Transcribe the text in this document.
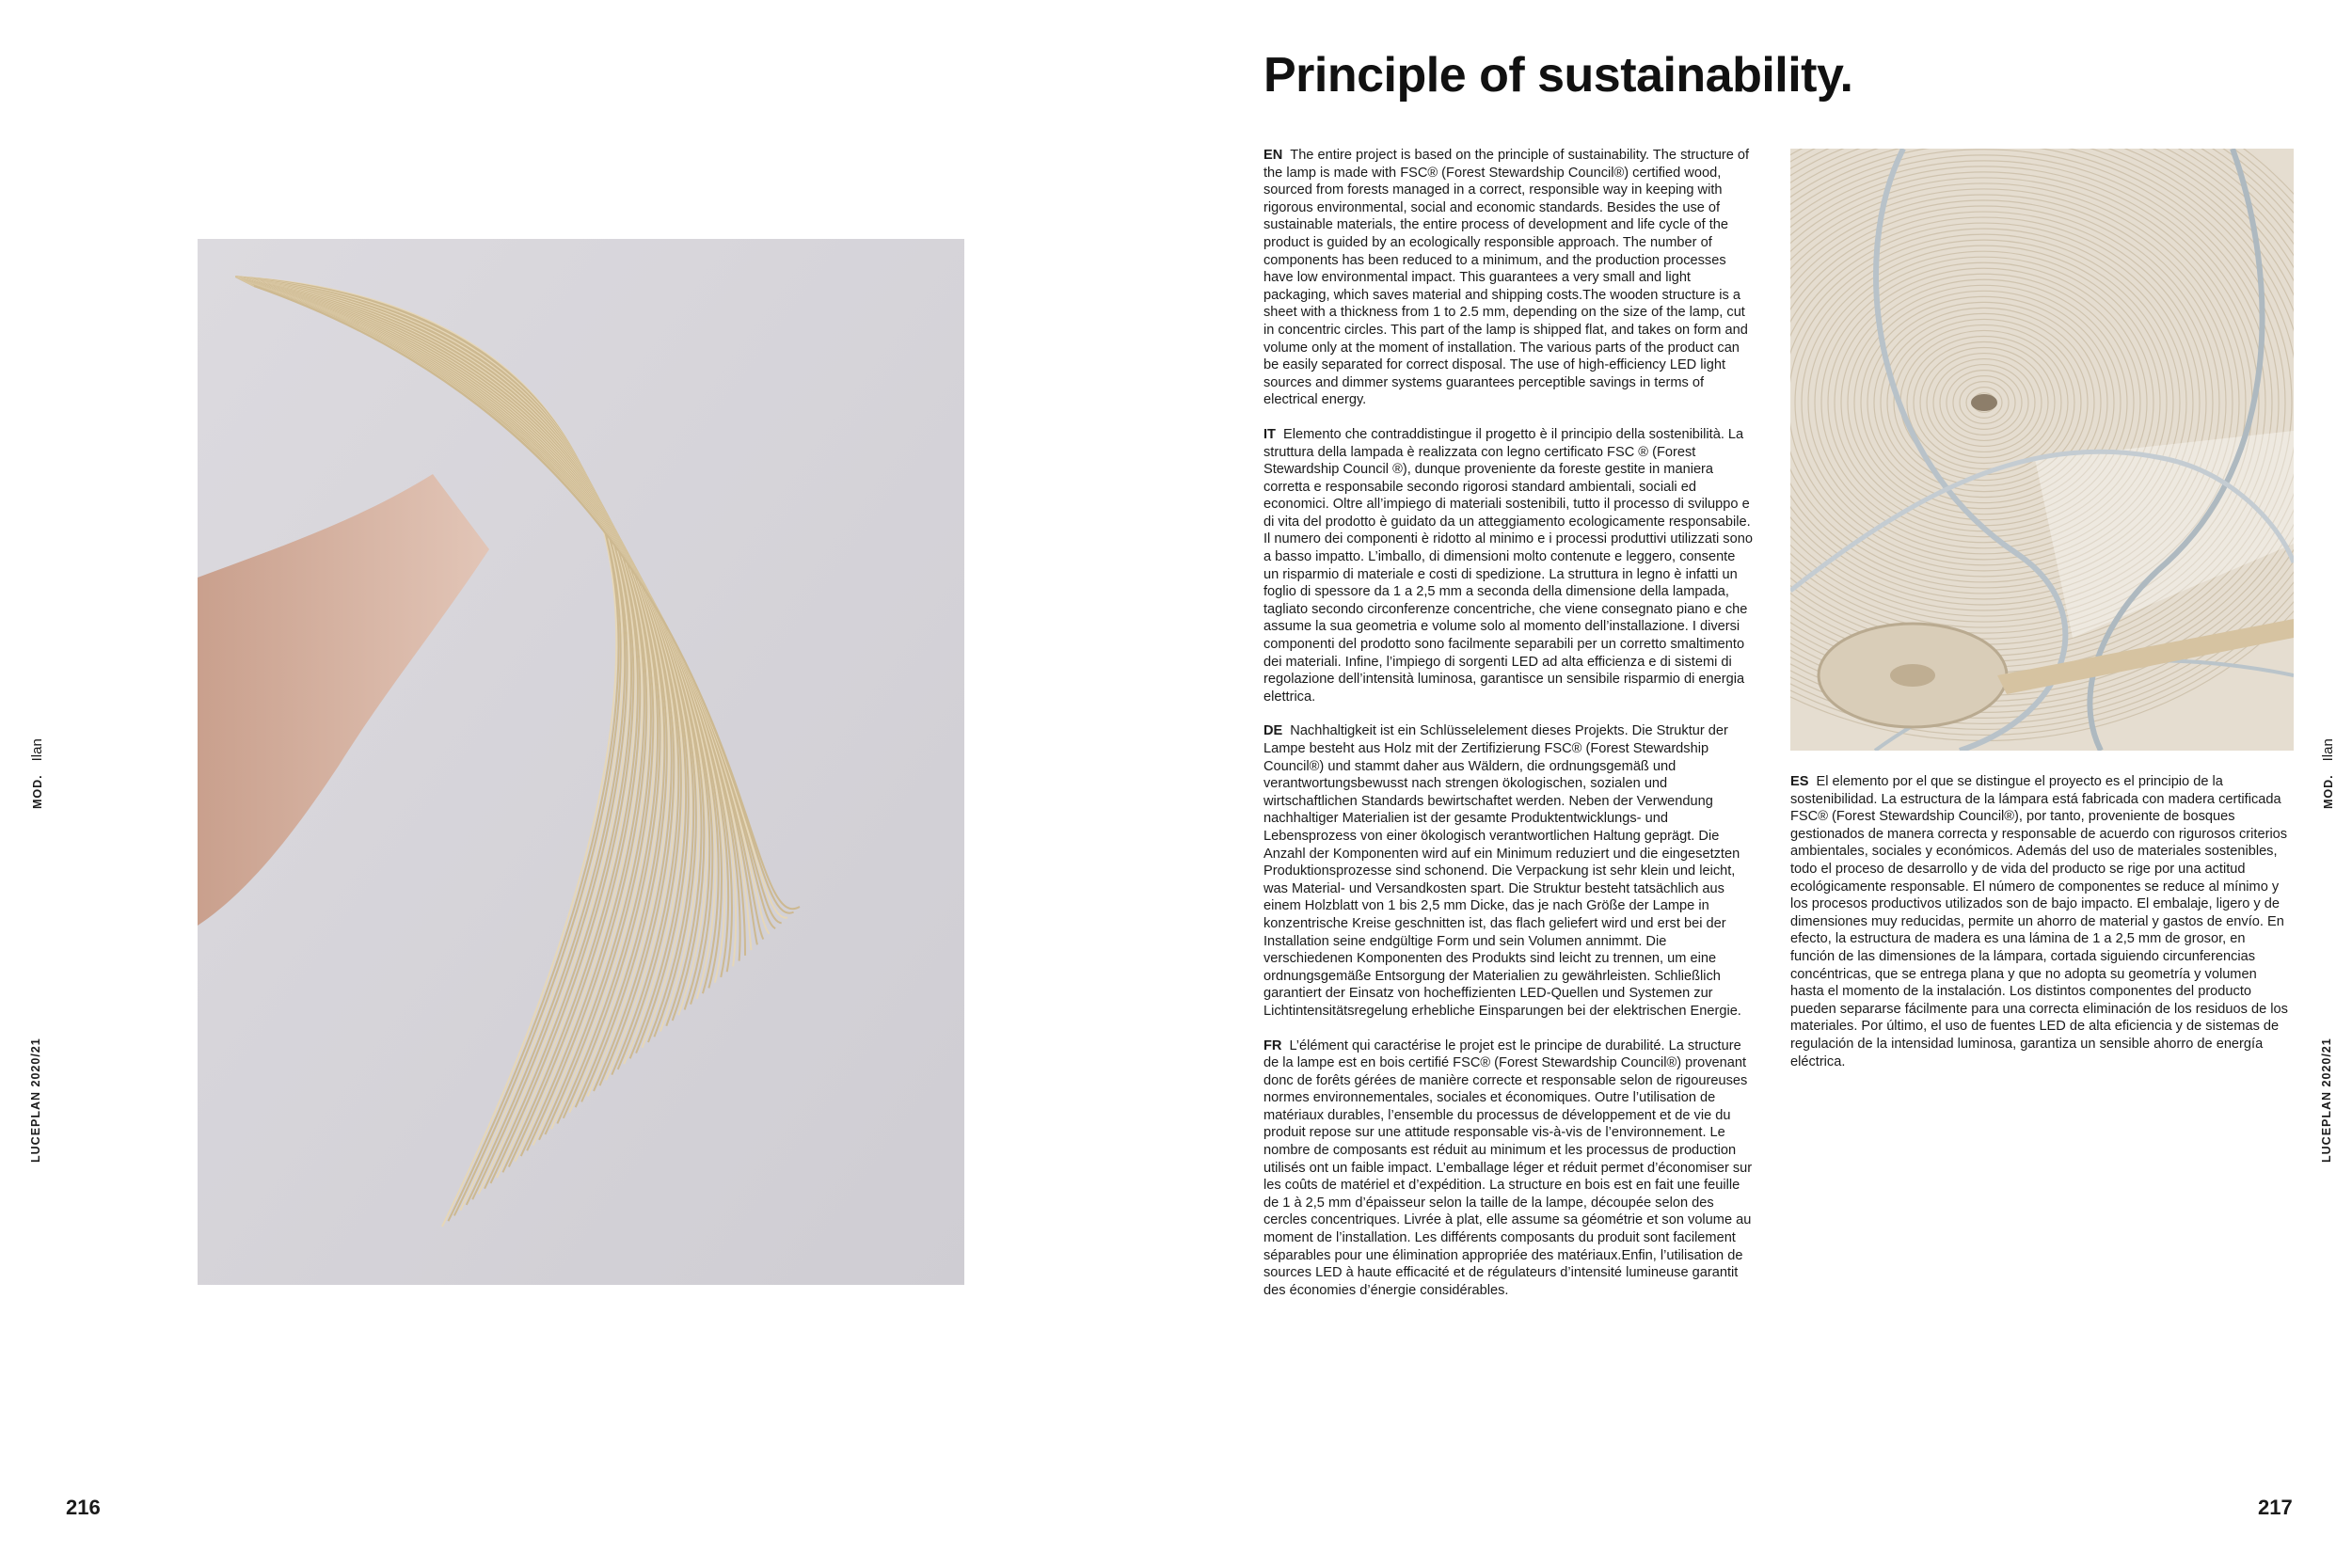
Principle of sustainability.

EN The entire project is based on the principle of sustainability. The structure of the lamp is made with FSC® (Forest Stewardship Council®) certified wood, sourced from forests managed in a correct, responsible way in keeping with rigorous environmental, social and economic standards. Besides the use of sustainable materials, the entire process of development and life cycle of the product is guided by an ecologically responsible approach. The number of components has been reduced to a minimum, and the production processes have low environmental impact. This guarantees a very small and light packaging, which saves material and shipping costs.The wooden structure is a sheet with a thickness from 1 to 2.5 mm, depending on the size of the lamp, cut in concentric circles. This part of the lamp is shipped flat, and takes on form and volume only at the moment of installation. The various parts of the product can be easily separated for correct disposal. The use of high-efficiency LED light sources and dimmer systems guarantees perceptible savings in terms of electrical energy.

IT Elemento che contraddistingue il progetto è il principio della sostenibilità. La struttura della lampada è realizzata con legno certificato FSC ® (Forest Stewardship Council ®), dunque proveniente da foreste gestite in maniera corretta e responsabile secondo rigorosi standard ambientali, sociali ed economici. Oltre all’impiego di materiali sostenibili, tutto il processo di sviluppo e di vita del prodotto è guidato da un atteggiamento ecologicamente responsabile. Il numero dei componenti è ridotto al minimo e i processi produttivi utilizzati sono a basso impatto. L’imballo, di dimensioni molto contenute e leggero, consente un risparmio di materiale e costi di spedizione. La struttura in legno è infatti un foglio di spessore da 1 a 2,5 mm a seconda della dimensione della lampada, tagliato secondo circonferenze concentriche, che viene consegnato piano e che assume la sua geometria e volume solo al momento dell’installazione. I diversi componenti del prodotto sono facilmente separabili per un corretto smaltimento dei materiali. Infine, l’impiego di sorgenti LED ad alta efficienza e di sistemi di regolazione dell’intensità luminosa, garantisce un sensibile risparmio di energia elettrica.

DE Nachhaltigkeit ist ein Schlüsselelement dieses Projekts. Die Struktur der Lampe besteht aus Holz mit der Zertifizierung FSC® (Forest Stewardship Council®) und stammt daher aus Wäldern, die ordnungsgemäß und verantwortungsbewusst nach strengen ökologischen, sozialen und wirtschaftlichen Standards bewirtschaftet werden. Neben der Verwendung nachhaltiger Materialien ist der gesamte Produktentwicklungs- und Lebensprozess von einer ökologisch verantwortlichen Haltung geprägt. Die Anzahl der Komponenten wird auf ein Minimum reduziert und die eingesetzten Produktionsprozesse sind schonend. Die Verpackung ist sehr klein und leicht, was Material- und Versandkosten spart. Die Struktur besteht tatsächlich aus einem Holzblatt von 1 bis 2,5 mm Dicke, das je nach Größe der Lampe in konzentrische Kreise geschnitten ist, das flach geliefert wird und erst bei der Installation seine endgültige Form und sein Volumen annimmt. Die verschiedenen Komponenten des Produkts sind leicht zu trennen, um eine ordnungsgemäße Entsorgung der Materialien zu gewährleisten. Schließlich garantiert der Einsatz von hocheffizienten LED-Quellen und Systemen zur Lichtintensitätsregelung erhebliche Einsparungen bei der elektrischen Energie.

FR L’élément qui caractérise le projet est le principe de durabilité. La structure de la lampe est en bois certifié FSC® (Forest Stewardship Council®) provenant donc de forêts gérées de manière correcte et responsable selon de rigoureuses normes environnementales, sociales et économiques. Outre l’utilisation de matériaux durables, l’ensemble du processus de développement et de vie du produit repose sur une attitude responsable vis-à-vis de l’environnement. Le nombre de composants est réduit au minimum et les processus de production utilisés ont un faible impact. L’emballage léger et réduit permet d’économiser sur les coûts de matériel et d’expédition. La structure en bois est en fait une feuille de 1 à 2,5 mm d’épaisseur selon la taille de la lampe, découpée selon des cercles concentriques. Livrée à plat, elle assume sa géométrie et son volume au moment de l’installation. Les différents composants du produit sont facilement séparables pour une élimination appropriée des matériaux.Enfin, l’utilisation de sources LED à haute efficacité et de régulateurs d’intensité lumineuse garantit des économies d’énergie considérables.

ES El elemento por el que se distingue el proyecto es el principio de la sostenibilidad. La estructura de la lámpara está fabricada con madera certificada FSC® (Forest Stewardship Council®), por tanto, proveniente de bosques gestionados de manera correcta y responsable de acuerdo con rigurosos criterios ambientales, sociales y económicos. Además del uso de materiales sostenibles, todo el proceso de desarrollo y de vida del producto se rige por una actitud ecológicamente responsable. El número de componentes se reduce al mínimo y los procesos productivos utilizados son de bajo impacto. El embalaje, ligero y de dimensiones muy reducidas, permite un ahorro de material y gastos de envío. En efecto, la estructura de madera es una lámina de 1 a 2,5 mm de grosor, en función de las dimensiones de la lámpara, cortada siguiendo circunferencias concéntricas, que se entrega plana y que no adopta su geometría y volumen hasta el momento de la instalación. Los distintos componentes del producto pueden separarse fácilmente para una correcta eliminación de los residuos de los materiales. Por último, el uso de fuentes LED de alta eficiencia y de sistemas de regulación de la intensidad luminosa, garantiza un sensible ahorro de energía eléctrica.

216	217
LUCEPLAN 2020/21
MOD.Ilan
LUCEPLAN 2020/21
MOD.Ilan
